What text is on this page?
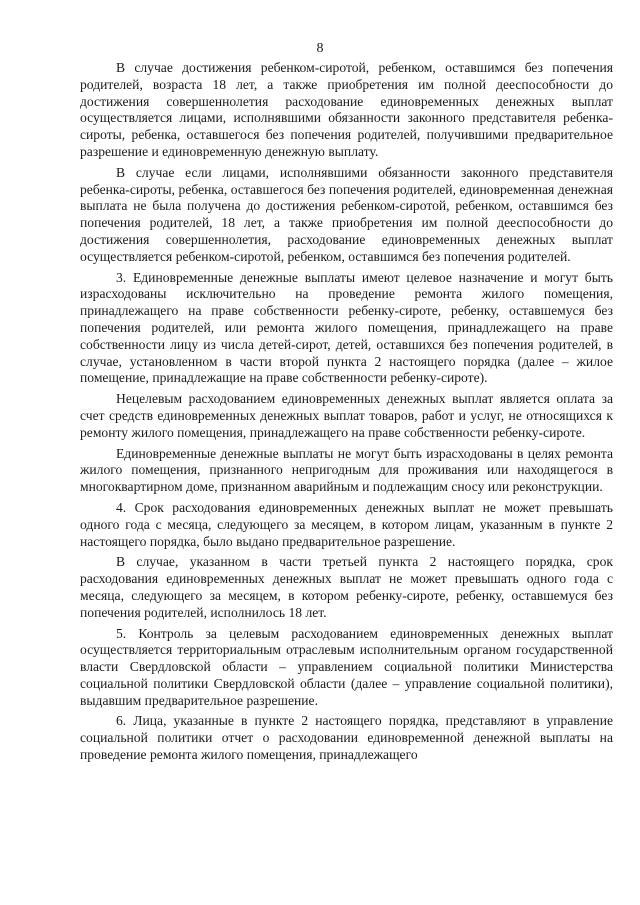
8

В случае достижения ребенком-сиротой, ребенком, оставшимся без попечения родителей, возраста 18 лет, а также приобретения им полной дееспособности до достижения совершеннолетия расходование единовременных денежных выплат осуществляется лицами, исполнявшими обязанности законного представителя ребенка-сироты, ребенка, оставшегося без попечения родителей, получившими предварительное разрешение и единовременную денежную выплату.

В случае если лицами, исполнявшими обязанности законного представителя ребенка-сироты, ребенка, оставшегося без попечения родителей, единовременная денежная выплата не была получена до достижения ребенком-сиротой, ребенком, оставшимся без попечения родителей, 18 лет, а также приобретения им полной дееспособности до достижения совершеннолетия, расходование единовременных денежных выплат осуществляется ребенком-сиротой, ребенком, оставшимся без попечения родителей.

3. Единовременные денежные выплаты имеют целевое назначение и могут быть израсходованы исключительно на проведение ремонта жилого помещения, принадлежащего на праве собственности ребенку-сироте, ребенку, оставшемуся без попечения родителей, или ремонта жилого помещения, принадлежащего на праве собственности лицу из числа детей-сирот, детей, оставшихся без попечения родителей, в случае, установленном в части второй пункта 2 настоящего порядка (далее – жилое помещение, принадлежащие на праве собственности ребенку-сироте).

Нецелевым расходованием единовременных денежных выплат является оплата за счет средств единовременных денежных выплат товаров, работ и услуг, не относящихся к ремонту жилого помещения, принадлежащего на праве собственности ребенку-сироте.

Единовременные денежные выплаты не могут быть израсходованы в целях ремонта жилого помещения, признанного непригодным для проживания или находящегося в многоквартирном доме, признанном аварийным и подлежащим сносу или реконструкции.

4. Срок расходования единовременных денежных выплат не может превышать одного года с месяца, следующего за месяцем, в котором лицам, указанным в пункте 2 настоящего порядка, было выдано предварительное разрешение.

В случае, указанном в части третьей пункта 2 настоящего порядка, срок расходования единовременных денежных выплат не может превышать одного года с месяца, следующего за месяцем, в котором ребенку-сироте, ребенку, оставшемуся без попечения родителей, исполнилось 18 лет.

5. Контроль за целевым расходованием единовременных денежных выплат осуществляется территориальным отраслевым исполнительным органом государственной власти Свердловской области – управлением социальной политики Министерства социальной политики Свердловской области (далее – управление социальной политики), выдавшим предварительное разрешение.

6. Лица, указанные в пункте 2 настоящего порядка, представляют в управление социальной политики отчет о расходовании единовременной денежной выплаты на проведение ремонта жилого помещения, принадлежащего
